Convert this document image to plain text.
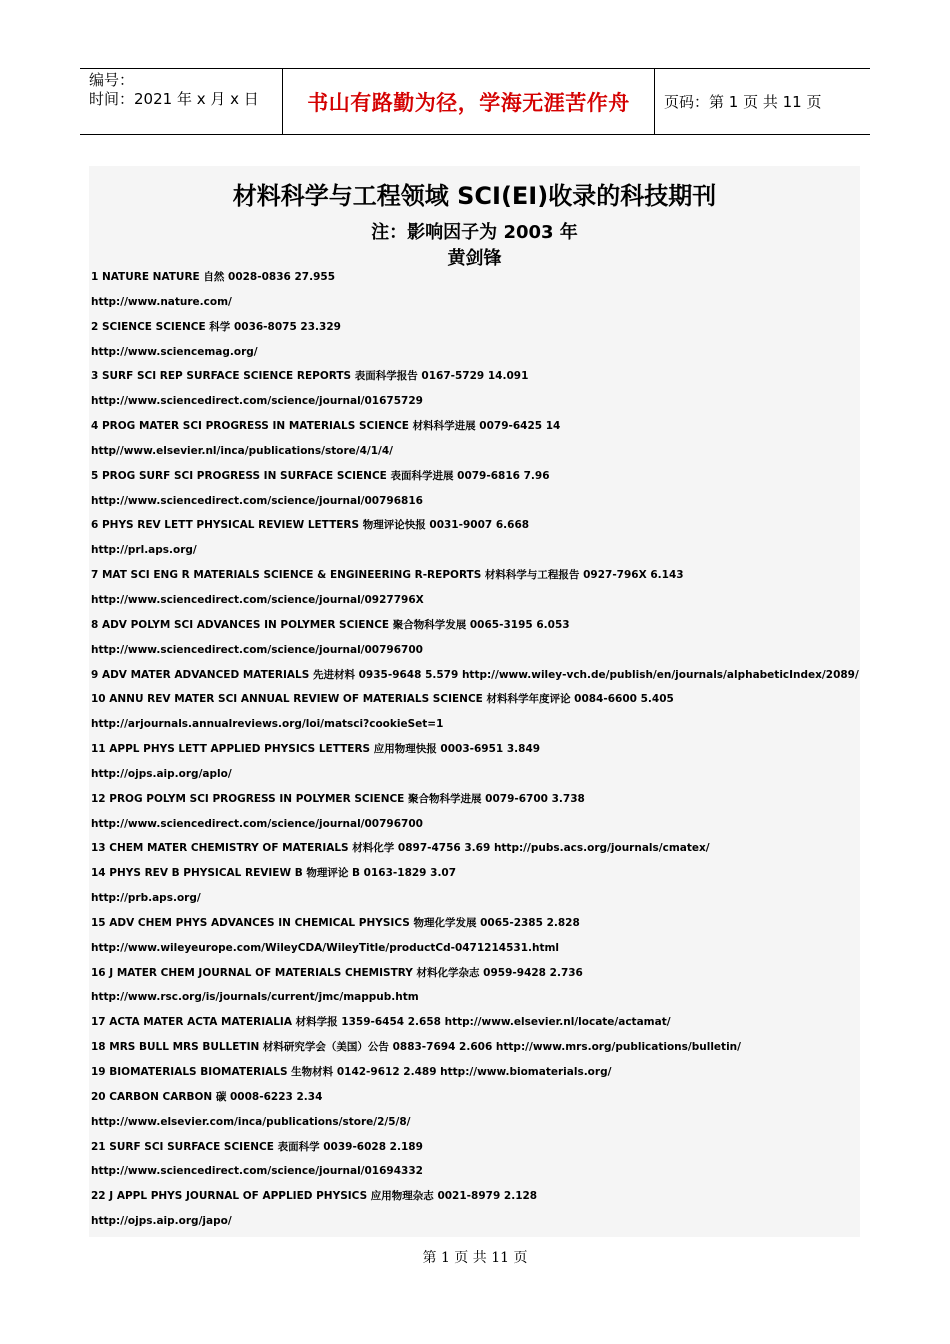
编号：
时间：2021 年 x 月 x 日	书山有路勤为径，学海无涯苦作舟	页码：第 1 页 共 11 页
材料科学与工程领域 SCI(EI)收录的科技期刊
注：影响因子为 2003 年
黄剑锋
1 NATURE NATURE 自然 0028-0836 27.955
http://www.nature.com/
2 SCIENCE SCIENCE 科学 0036-8075 23.329
http://www.sciencemag.org/
3 SURF SCI REP SURFACE SCIENCE REPORTS 表面科学报告 0167-5729 14.091
http://www.sciencedirect.com/science/journal/01675729
4 PROG MATER SCI PROGRESS IN MATERIALS SCIENCE 材料科学进展 0079-6425 14
http//www.elsevier.nl/inca/publications/store/4/1/4/
5 PROG SURF SCI PROGRESS IN SURFACE SCIENCE 表面科学进展 0079-6816 7.96
http://www.sciencedirect.com/science/journal/00796816
6 PHYS REV LETT PHYSICAL REVIEW LETTERS 物理评论快报 0031-9007 6.668
http://prl.aps.org/
7 MAT SCI ENG R MATERIALS SCIENCE & ENGINEERING R-REPORTS 材料科学与工程报告 0927-796X 6.143
http://www.sciencedirect.com/science/journal/0927796X
8 ADV POLYM SCI ADVANCES IN POLYMER SCIENCE 聚合物科学发展 0065-3195 6.053
http://www.sciencedirect.com/science/journal/00796700
9 ADV MATER ADVANCED MATERIALS 先进材料 0935-9648 5.579 http://www.wiley-vch.de/publish/en/journals/alphabeticIndex/2089/
10 ANNU REV MATER SCI ANNUAL REVIEW OF MATERIALS SCIENCE 材料科学年度评论 0084-6600 5.405
http://arjournals.annualreviews.org/loi/matsci?cookieSet=1
11 APPL PHYS LETT APPLIED PHYSICS LETTERS 应用物理快报 0003-6951 3.849
http://ojps.aip.org/aplo/
12 PROG POLYM SCI PROGRESS IN POLYMER SCIENCE 聚合物科学进展 0079-6700 3.738
http://www.sciencedirect.com/science/journal/00796700
13 CHEM MATER CHEMISTRY OF MATERIALS 材料化学 0897-4756 3.69 http://pubs.acs.org/journals/cmatex/
14 PHYS REV B PHYSICAL REVIEW B 物理评论 B 0163-1829 3.07
http://prb.aps.org/
15 ADV CHEM PHYS ADVANCES IN CHEMICAL PHYSICS 物理化学发展 0065-2385 2.828
http://www.wileyeurope.com/WileyCDA/WileyTitle/productCd-0471214531.html
16 J MATER CHEM JOURNAL OF MATERIALS CHEMISTRY 材料化学杂志 0959-9428 2.736
http://www.rsc.org/is/journals/current/jmc/mappub.htm
17 ACTA MATER ACTA MATERIALIA 材料学报 1359-6454 2.658 http://www.elsevier.nl/locate/actamat/
18 MRS BULL MRS BULLETIN 材料研究学会（美国）公告 0883-7694 2.606 http://www.mrs.org/publications/bulletin/
19 BIOMATERIALS BIOMATERIALS 生物材料 0142-9612 2.489 http://www.biomaterials.org/
20 CARBON CARBON 碳 0008-6223 2.34
http://www.elsevier.com/inca/publications/store/2/5/8/
21 SURF SCI SURFACE SCIENCE 表面科学 0039-6028 2.189
http://www.sciencedirect.com/science/journal/01694332
22 J APPL PHYS JOURNAL OF APPLIED PHYSICS 应用物理杂志 0021-8979 2.128
http://ojps.aip.org/japo/
第 1 页 共 11 页
